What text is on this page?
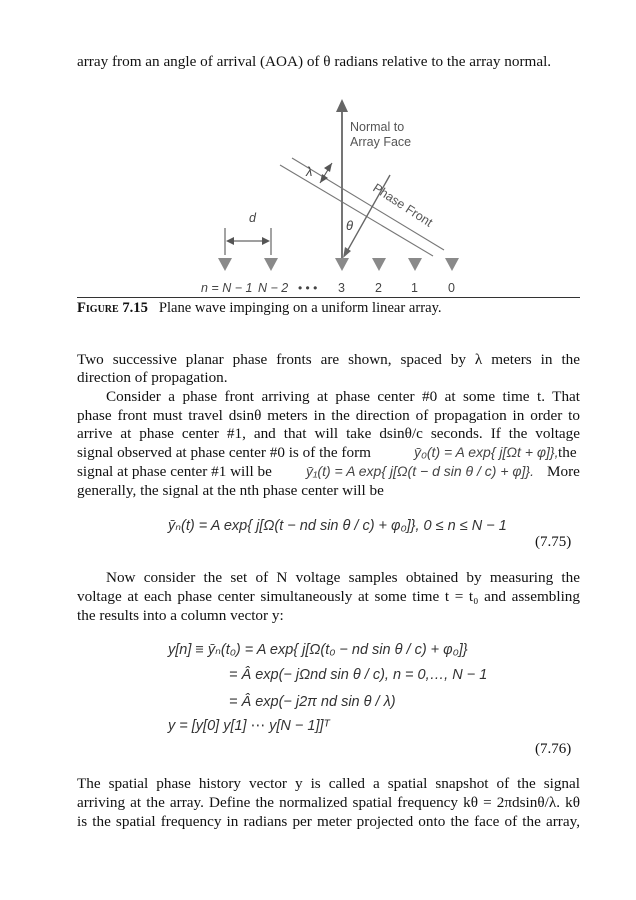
array from an angle of arrival (AOA) of θ radians relative to the array normal.
Normal to
Array Face
Phase Front
λ
θ
d
n = N − 1 N − 2 • • • 3 2 1 0
Figure 7.15 Plane wave impinging on a uniform linear array.
Two successive planar phase fronts are shown, spaced by λ meters in the
direction of propagation.
Consider a phase front arriving at phase center #0 at some time t. That
phase front must travel dsinθ meters in the direction of propagation in order to
arrive at phase center #1, and that will take dsinθ/c seconds. If the voltage
signal observed at phase center #0 is of the form	ȳ₀(t) = A exp{ j[Ωt + φ]}, the
signal at phase center #1 will be ȳ₁(t) = A exp{ j[Ω(t − d sin θ / c) + φ]}. More
generally, the signal at the nth phase center will be
ȳₙ(t) = A exp{ j[Ω(t − nd sin θ / c) + φ₀]}, 0 ≤ n ≤ N − 1
(7.75)
Now consider the set of N voltage samples obtained by measuring the
voltage at each phase center simultaneously at some time t = t₀ and assembling
the results into a column vector y:
y[n] ≡ ȳₙ(t₀) = A exp{ j[Ω(t₀ − nd sin θ / c) + φ₀]}
= Â exp(− jΩnd sin θ / c), n = 0,…, N − 1
= Â exp(− j2π nd sin θ / λ)
y = [y[0] y[1] ⋯ y[N − 1]]ᵀ
(7.76)
The spatial phase history vector y is called a spatial snapshot of the signal
arriving at the array. Define the normalized spatial frequency kθ = 2πdsinθ/λ. kθ
is the spatial frequency in radians per meter projected onto the face of the array,
